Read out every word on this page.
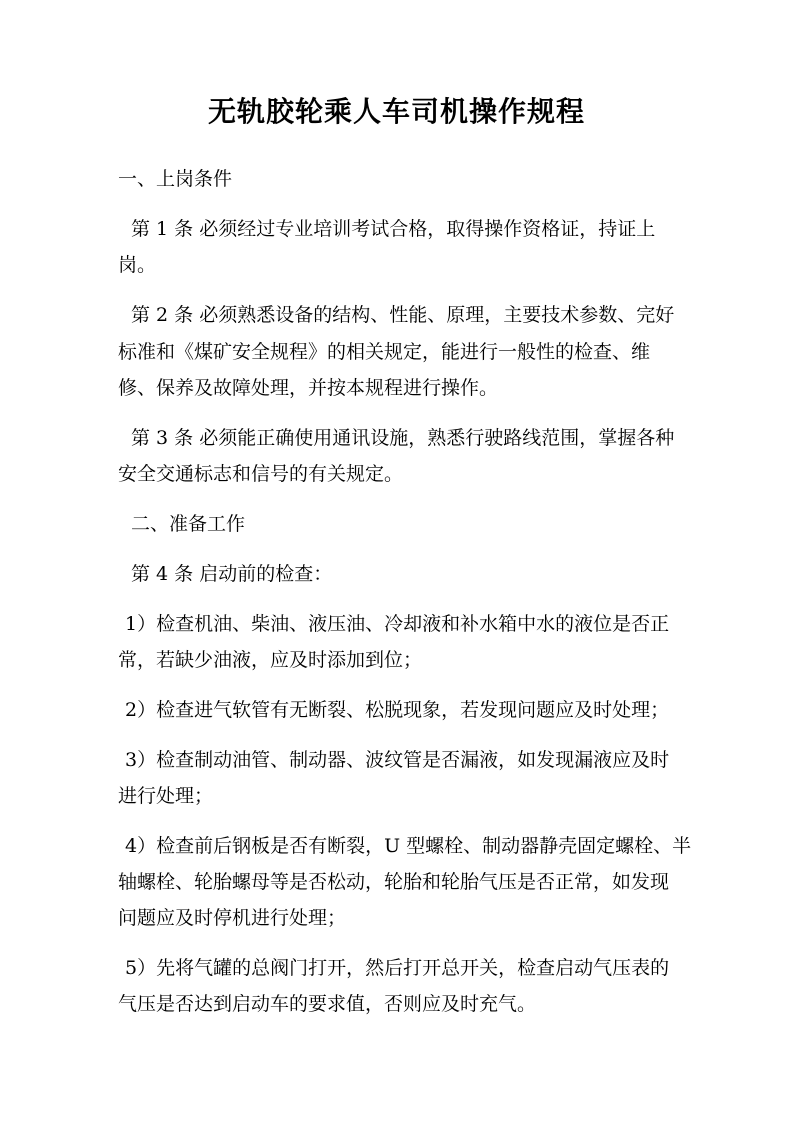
无轨胶轮乘人车司机操作规程
一、上岗条件
第 1 条 必须经过专业培训考试合格，取得操作资格证，持证上
岗。
第 2 条 必须熟悉设备的结构、性能、原理，主要技术参数、完好
标准和《煤矿安全规程》的相关规定，能进行一般性的检查、维
修、保养及故障处理，并按本规程进行操作。
第 3 条 必须能正确使用通讯设施，熟悉行驶路线范围，掌握各种
安全交通标志和信号的有关规定。
二、准备工作
第 4 条 启动前的检查：
1）检查机油、柴油、液压油、冷却液和补水箱中水的液位是否正
常，若缺少油液，应及时添加到位；
2）检查进气软管有无断裂、松脱现象，若发现问题应及时处理；
3）检查制动油管、制动器、波纹管是否漏液，如发现漏液应及时
进行处理；
4）检查前后钢板是否有断裂，U 型螺栓、制动器静壳固定螺栓、半
轴螺栓、轮胎螺母等是否松动，轮胎和轮胎气压是否正常，如发现
问题应及时停机进行处理；
5）先将气罐的总阀门打开，然后打开总开关，检查启动气压表的
气压是否达到启动车的要求值，否则应及时充气。
